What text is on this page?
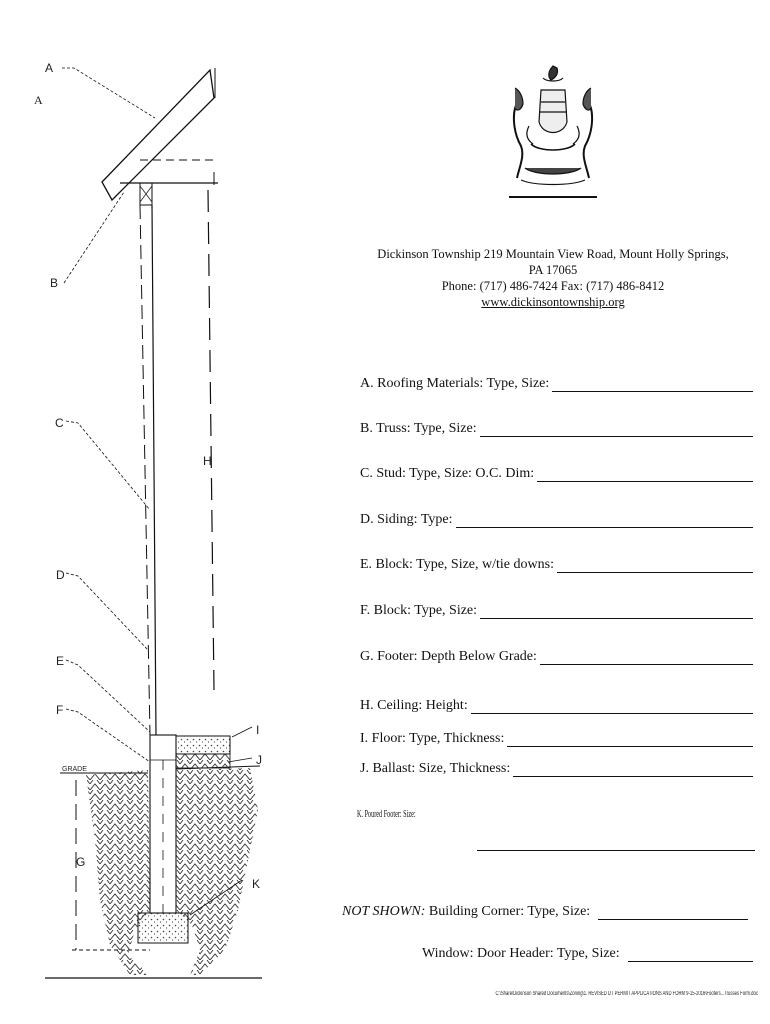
A
A
B
C
D
E
F
G
H
I
J
K
GRADE
Dickinson Township 219 Mountain View Road, Mount Holly Springs, PA 17065
Phone: (717) 486-7424 Fax: (717) 486-8412
www.dickinsontownship.org
A. Roofing Materials: Type, Size:
B. Truss: Type, Size:
C. Stud: Type, Size: O.C. Dim:
D. Siding: Type:
E. Block: Type, Size, w/tie downs:
F. Block: Type, Size:
G. Footer: Depth Below Grade:
H. Ceiling: Height:
I. Floor: Type, Thickness:
J. Ballast: Size, Thickness:
K. Poured Footer: Size:
NOT SHOWN: Building Corner: Type, Size:
Window: Door Header: Type, Size:
C:\Share\Dickinson Shared Documents\Zoning\1. REVISED DT PERMIT APPLICATIONS AND FORM 9-15-2016\Footers...Trusses Form.doc
